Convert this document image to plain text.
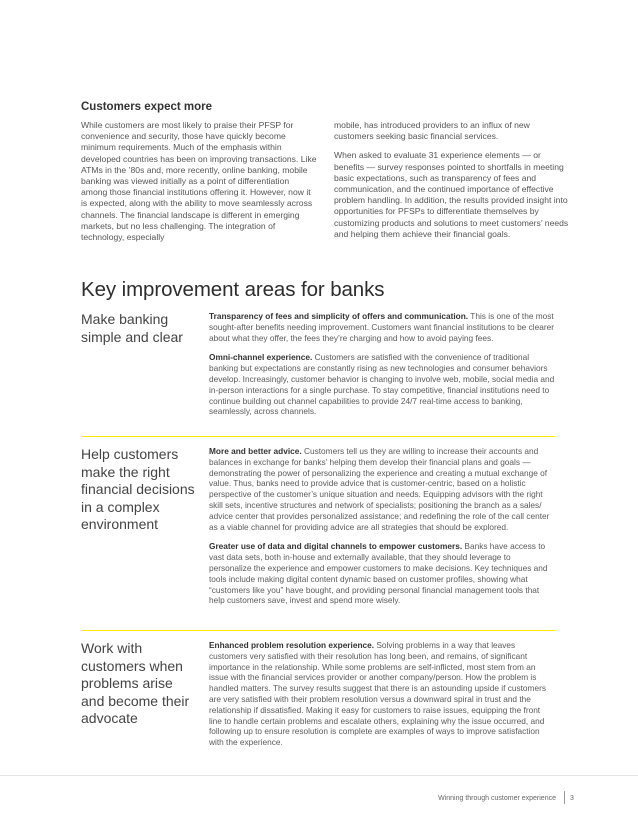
Customers expect more

While customers are most likely to praise their PFSP for convenience and security, those have quickly become minimum requirements. Much of the emphasis within developed countries has been on improving transactions. Like ATMs in the ’80s and, more recently, online banking, mobile banking was viewed initially as a point of differentiation among those financial institutions offering it. However, now it is expected, along with the ability to move seamlessly across channels. The financial landscape is different in emerging markets, but no less challenging. The integration of technology, especially

mobile, has introduced providers to an influx of new customers seeking basic financial services.

When asked to evaluate 31 experience elements — or benefits — survey responses pointed to shortfalls in meeting basic expectations, such as transparency of fees and communication, and the continued importance of effective problem handling. In addition, the results provided insight into opportunities for PFSPs to differentiate themselves by customizing products and solutions to meet customers’ needs and helping them achieve their financial goals.

Key improvement areas for banks
Make banking simple and clear

Transparency of fees and simplicity of offers and communication. This is one of the most sought-after benefits needing improvement. Customers want financial institutions to be clearer about what they offer, the fees they’re charging and how to avoid paying fees.

Omni-channel experience. Customers are satisfied with the convenience of traditional banking but expectations are constantly rising as new technologies and consumer behaviors develop. Increasingly, customer behavior is changing to involve web, mobile, social media and in-person interactions for a single purchase. To stay competitive, financial institutions need to continue building out channel capabilities to provide 24/7 real-time access to banking, seamlessly, across channels.

Help customers make the right financial decisions in a complex environment

More and better advice. Customers tell us they are willing to increase their accounts and balances in exchange for banks’ helping them develop their financial plans and goals — demonstrating the power of personalizing the experience and creating a mutual exchange of value. Thus, banks need to provide advice that is customer-centric, based on a holistic perspective of the customer’s unique situation and needs. Equipping advisors with the right skill sets, incentive structures and network of specialists; positioning the branch as a sales/ advice center that provides personalized assistance; and redefining the role of the call center as a viable channel for providing advice are all strategies that should be explored.

Greater use of data and digital channels to empower customers. Banks have access to vast data sets, both in-house and externally available, that they should leverage to personalize the experience and empower customers to make decisions. Key techniques and tools include making digital content dynamic based on customer profiles, showing what “customers like you” have bought, and providing personal financial management tools that help customers save, invest and spend more wisely.

Work with customers when problems arise and become their advocate

Enhanced problem resolution experience. Solving problems in a way that leaves customers very satisfied with their resolution has long been, and remains, of significant importance in the relationship. While some problems are self-inflicted, most stem from an issue with the financial services provider or another company/person. How the problem is handled matters. The survey results suggest that there is an astounding upside if customers are very satisfied with their problem resolution versus a downward spiral in trust and the relationship if dissatisfied. Making it easy for customers to raise issues, equipping the front line to handle certain problems and escalate others, explaining why the issue occurred, and following up to ensure resolution is complete are examples of ways to improve satisfaction with the experience.

Winning through customer experience 3
